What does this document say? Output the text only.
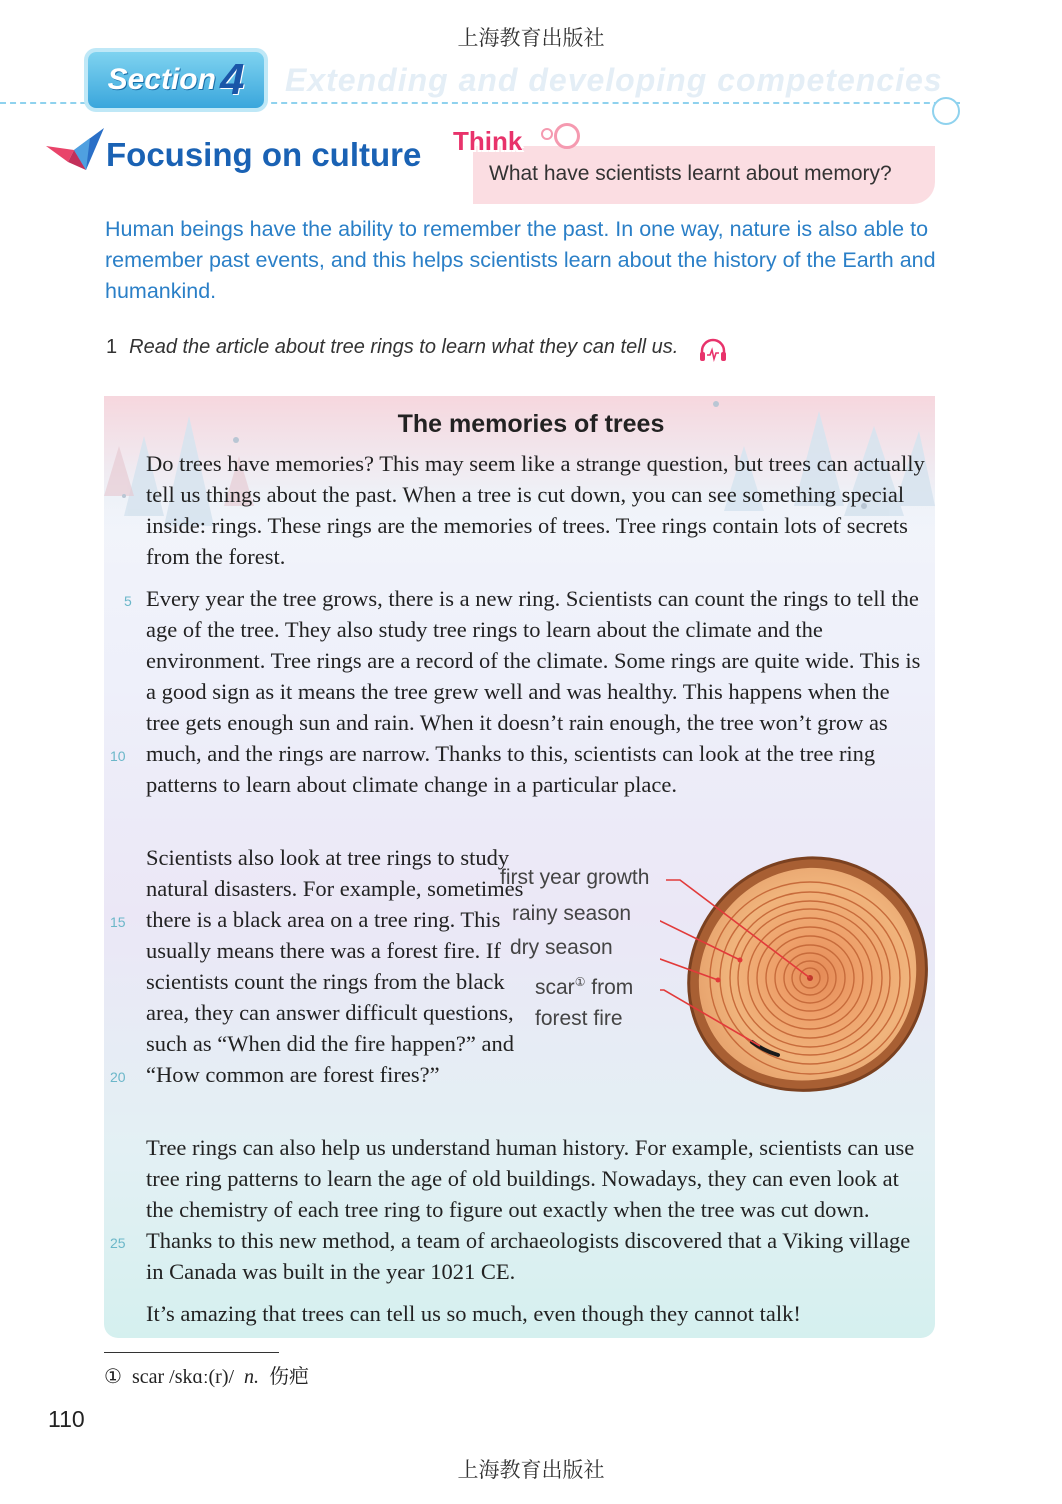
上海教育出版社
Section 4 Extending and developing competencies
Focusing on culture Think
What have scientists learnt about memory?
Human beings have the ability to remember the past. In one way, nature is also able to remember past events, and this helps scientists learn about the history of the Earth and humankind.
1 Read the article about tree rings to learn what they can tell us.
The memories of trees
Do trees have memories? This may seem like a strange question, but trees can actually tell us things about the past. When a tree is cut down, you can see something special inside: rings. These rings are the memories of trees. Tree rings contain lots of secrets from the forest.
Every year the tree grows, there is a new ring. Scientists can count the rings to tell the age of the tree. They also study tree rings to learn about the climate and the environment. Tree rings are a record of the climate. Some rings are quite wide. This is a good sign as it means the tree grew well and was healthy. This happens when the tree gets enough sun and rain. When it doesn’t rain enough, the tree won’t grow as much, and the rings are narrow. Thanks to this, scientists can look at the tree ring patterns to learn about climate change in a particular place.
Scientists also look at tree rings to study natural disasters. For example, sometimes there is a black area on a tree ring. This usually means there was a forest fire. If scientists count the rings from the black area, they can answer difficult questions, such as “When did the fire happen?” and “How common are forest fires?”
Tree rings can also help us understand human history. For example, scientists can use tree ring patterns to learn the age of old buildings. Nowadays, they can even look at the chemistry of each tree ring to figure out exactly when the tree was cut down. Thanks to this new method, a team of archaeologists discovered that a Viking village in Canada was built in the year 1021 CE.
It’s amazing that trees can tell us so much, even though they cannot talk!
5
10
15
20
25
first year growth
rainy season
dry season
scar① from
forest fire
① scar /skɑː(r)/ n. 伤疤
110
上海教育出版社
